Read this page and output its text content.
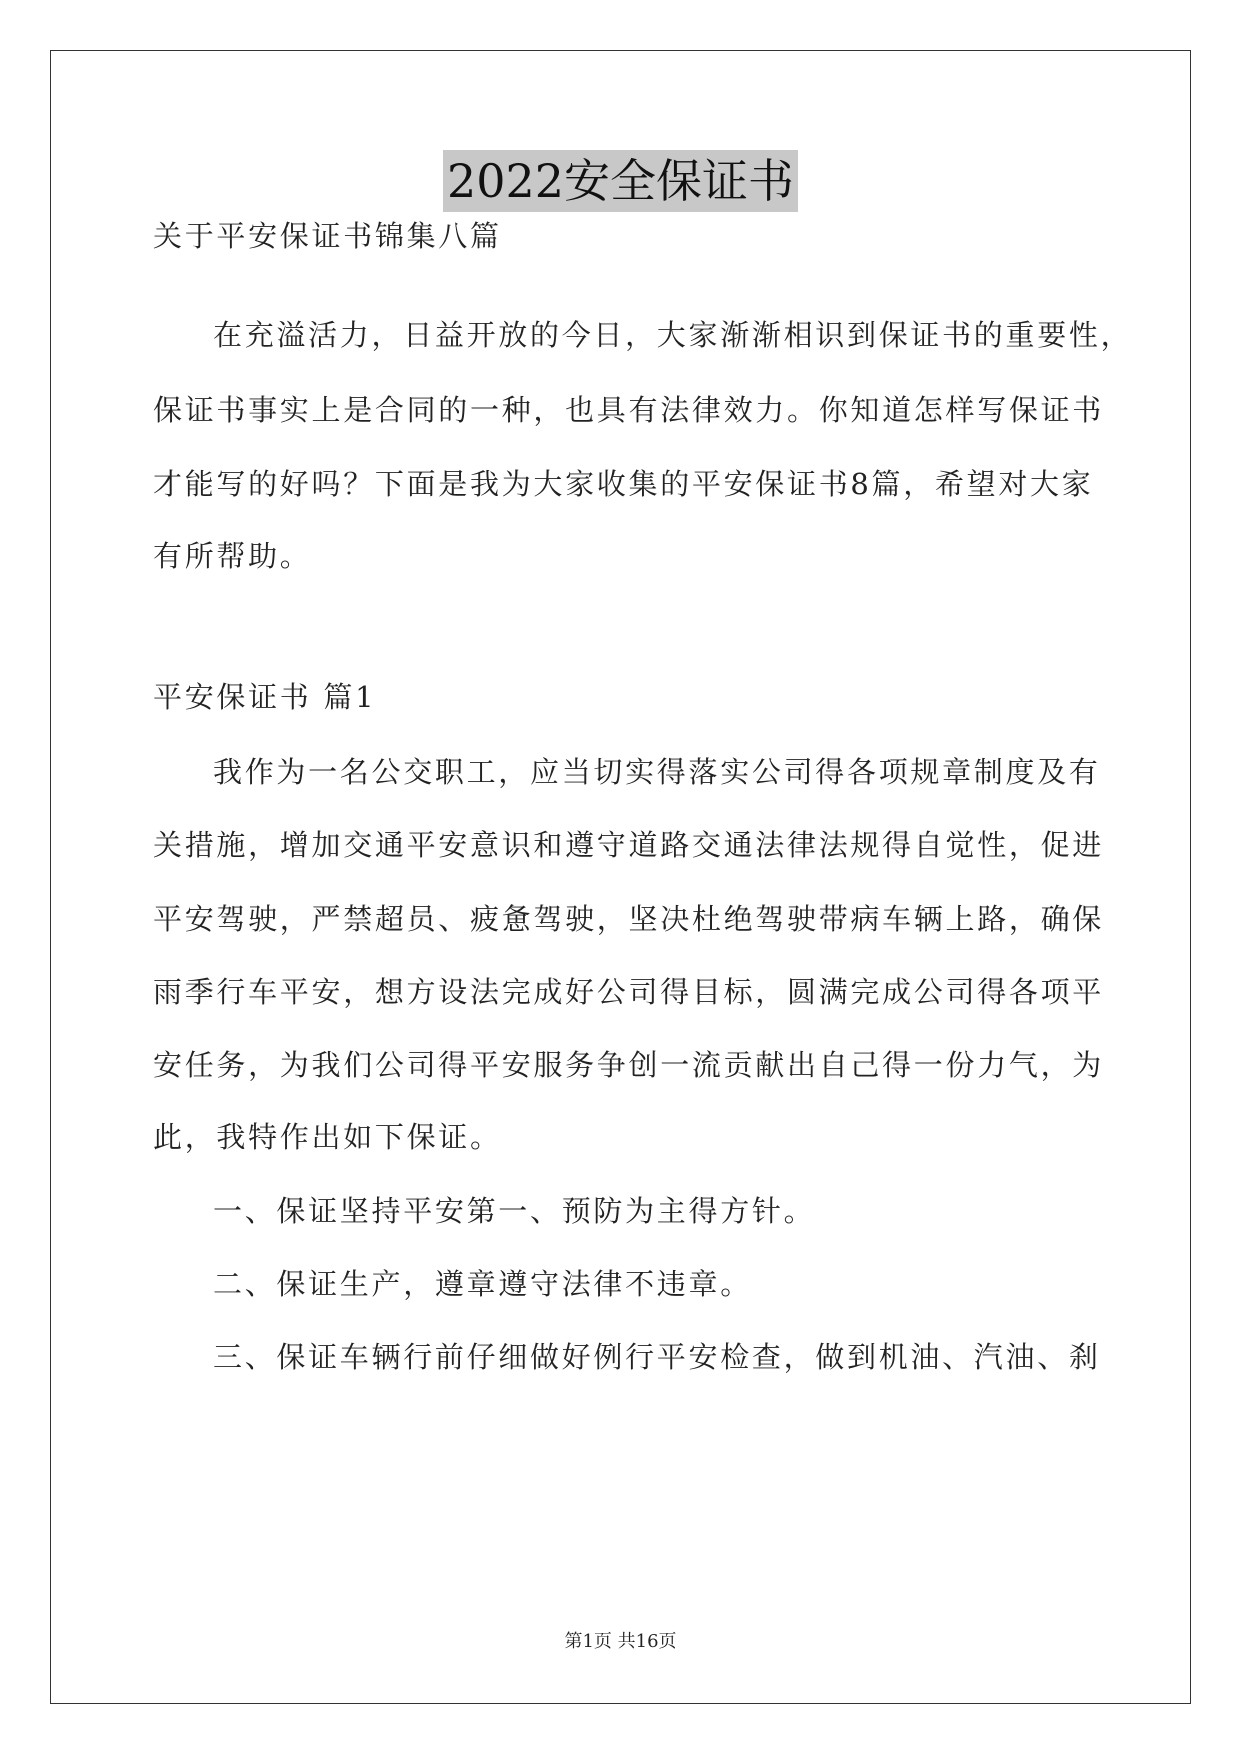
2022安全保证书
关于平安保证书锦集八篇
在充溢活力，日益开放的今日，大家渐渐相识到保证书的重要性，
保证书事实上是合同的一种，也具有法律效力。你知道怎样写保证书
才能写的好吗？下面是我为大家收集的平安保证书8篇，希望对大家
有所帮助。
平安保证书 篇1
我作为一名公交职工，应当切实得落实公司得各项规章制度及有
关措施，增加交通平安意识和遵守道路交通法律法规得自觉性，促进
平安驾驶，严禁超员、疲惫驾驶，坚决杜绝驾驶带病车辆上路，确保
雨季行车平安，想方设法完成好公司得目标，圆满完成公司得各项平
安任务，为我们公司得平安服务争创一流贡献出自己得一份力气，为
此，我特作出如下保证。
一、保证坚持平安第一、预防为主得方针。
二、保证生产，遵章遵守法律不违章。
三、保证车辆行前仔细做好例行平安检查，做到机油、汽油、刹
第1页 共16页
